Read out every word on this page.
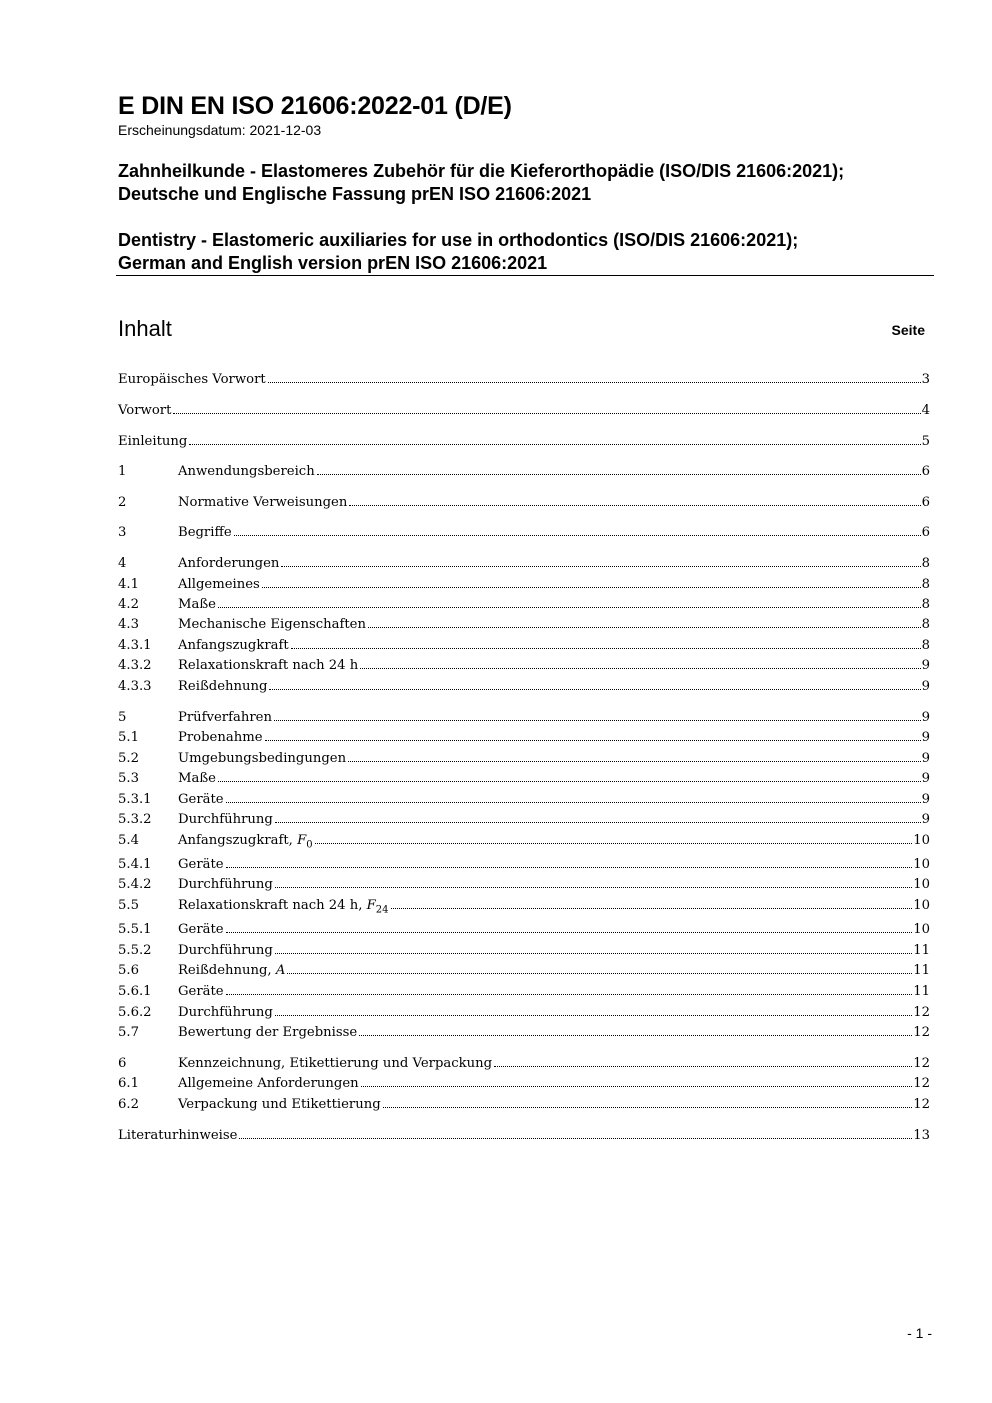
E DIN EN ISO 21606:2022-01 (D/E)
Erscheinungsdatum: 2021-12-03
Zahnheilkunde - Elastomeres Zubehör für die Kieferorthopädie (ISO/DIS 21606:2021);
Deutsche und Englische Fassung prEN ISO 21606:2021
Dentistry - Elastomeric auxiliaries for use in orthodontics (ISO/DIS 21606:2021);
German and English version prEN ISO 21606:2021
Inhalt	Seite
Europäisches Vorwort	3
Vorwort	4
Einleitung	5
1	Anwendungsbereich	6
2	Normative Verweisungen	6
3	Begriffe	6
4	Anforderungen	8
4.1	Allgemeines	8
4.2	Maße	8
4.3	Mechanische Eigenschaften	8
4.3.1	Anfangszugkraft	8
4.3.2	Relaxationskraft nach 24 h	9
4.3.3	Reißdehnung	9
5	Prüfverfahren	9
5.1	Probenahme	9
5.2	Umgebungsbedingungen	9
5.3	Maße	9
5.3.1	Geräte	9
5.3.2	Durchführung	9
5.4	Anfangszugkraft, $F_0$	10
5.4.1	Geräte	10
5.4.2	Durchführung	10
5.5	Relaxationskraft nach 24 h, $F_{24}$	10
5.5.1	Geräte	10
5.5.2	Durchführung	11
5.6	Reißdehnung, A	11
5.6.1	Geräte	11
5.6.2	Durchführung	12
5.7	Bewertung der Ergebnisse	12
6	Kennzeichnung, Etikettierung und Verpackung	12
6.1	Allgemeine Anforderungen	12
6.2	Verpackung und Etikettierung	12
Literaturhinweise	13
- 1 -
